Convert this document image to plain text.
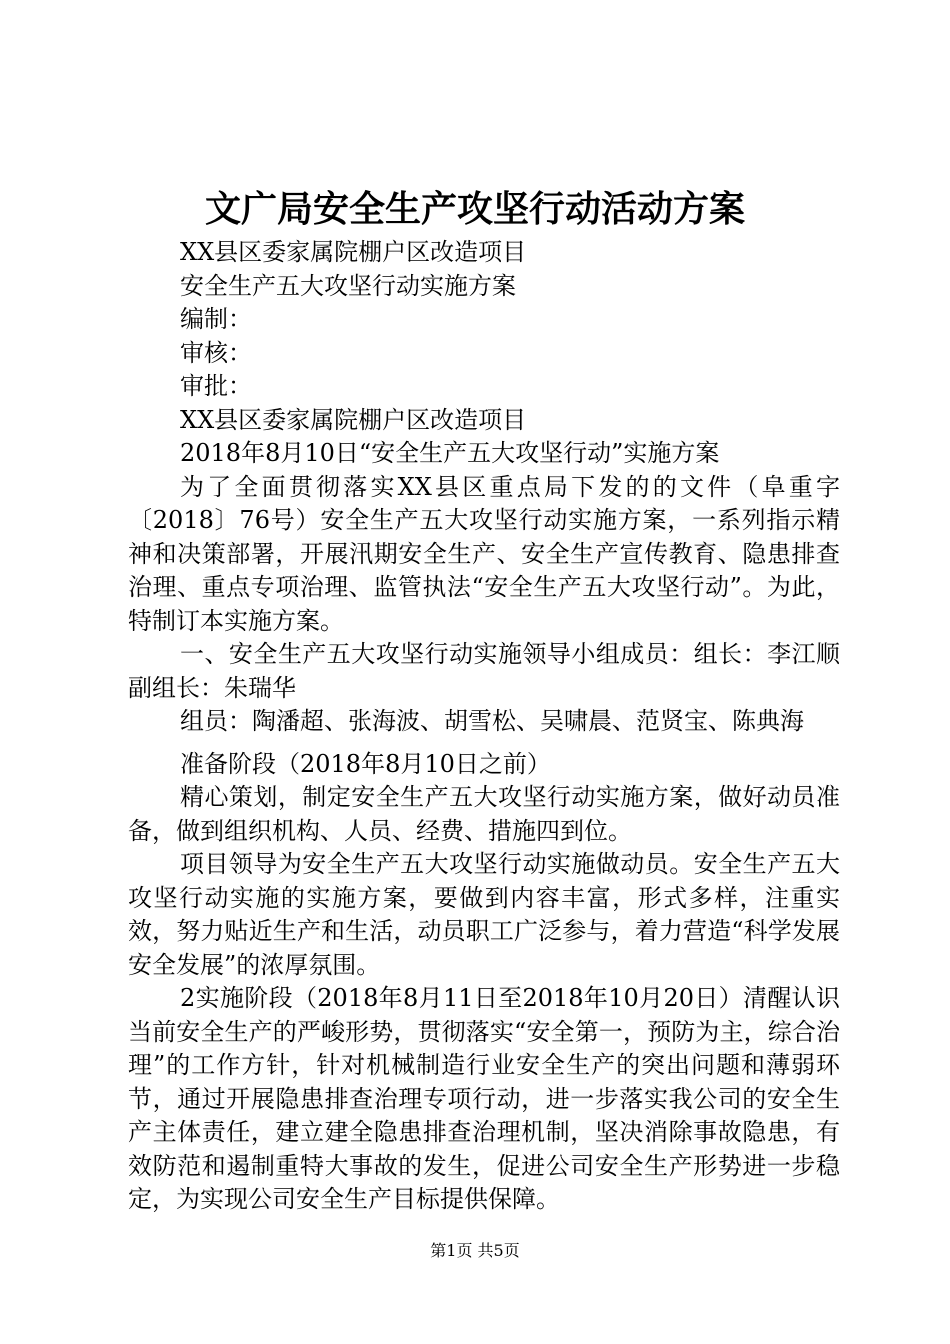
文广局安全生产攻坚行动活动方案

XX县区委家属院棚户区改造项目

安全生产五大攻坚行动实施方案

编制：

审核：

审批：

XX县区委家属院棚户区改造项目

2018年8月10日“安全生产五大攻坚行动”实施方案

为了全面贯彻落实XX县区重点局下发的的文件（阜重字〔2018〕76号）安全生产五大攻坚行动实施方案，一系列指示精神和决策部署，开展汛期安全生产、安全生产宣传教育、隐患排查治理、重点专项治理、监管执法“安全生产五大攻坚行动”。为此，特制订本实施方案。

一、安全生产五大攻坚行动实施领导小组成员：组长：李江顺副组长：朱瑞华

组员：陶潘超、张海波、胡雪松、吴啸晨、范贤宝、陈典海

准备阶段（2018年8月10日之前）

精心策划，制定安全生产五大攻坚行动实施方案，做好动员准备，做到组织机构、人员、经费、措施四到位。

项目领导为安全生产五大攻坚行动实施做动员。安全生产五大攻坚行动实施的实施方案，要做到内容丰富，形式多样，注重实效，努力贴近生产和生活，动员职工广泛参与，着力营造“科学发展安全发展”的浓厚氛围。

2实施阶段（2018年8月11日至2018年10月20日）清醒认识当前安全生产的严峻形势，贯彻落实“安全第一，预防为主，综合治理”的工作方针，针对机械制造行业安全生产的突出问题和薄弱环节，通过开展隐患排查治理专项行动，进一步落实我公司的安全生产主体责任，建立建全隐患排查治理机制，坚决消除事故隐患，有效防范和遏制重特大事故的发生，促进公司安全生产形势进一步稳定，为实现公司安全生产目标提供保障。

第1页 共5页
